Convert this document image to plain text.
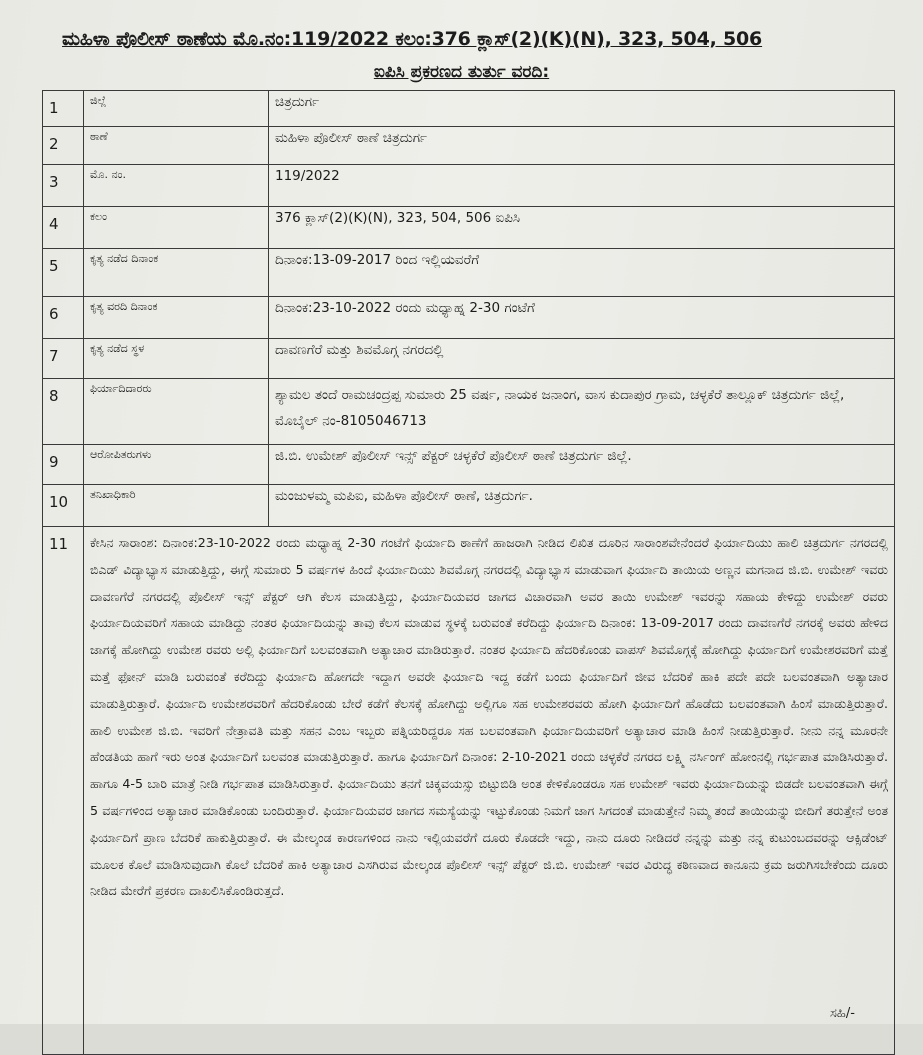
ಮಹಿಳಾ ಪೊಲೀಸ್ ಠಾಣೆಯ ಮೊ.ನಂ:119/2022 ಕಲಂ:376 ಕ್ಲಾಸ್(2)(K)(N), 323, 504, 506
ಐಪಿಸಿ ಪ್ರಕರಣದ ತುರ್ತು ವರದಿ:
1	ಜಿಲ್ಲೆ	ಚಿತ್ರದುರ್ಗ
2	ಠಾಣೆ	ಮಹಿಳಾ ಪೊಲೀಸ್ ಠಾಣೆ ಚಿತ್ರದುರ್ಗ
3	ಮೊ. ನಂ.	119/2022
4	ಕಲಂ	376 ಕ್ಲಾಸ್(2)(K)(N), 323, 504, 506 ಐಪಿಸಿ
5	ಕೃತ್ಯ ನಡೆದ ದಿನಾಂಕ	ದಿನಾಂಕ:13-09-2017 ರಿಂದ ಇಲ್ಲಿಯವರೆಗೆ
6	ಕೃತ್ಯ ವರದಿ ದಿನಾಂಕ	ದಿನಾಂಕ:23-10-2022 ರಂದು ಮಧ್ಯಾಹ್ನ 2-30 ಗಂಟೆಗೆ
7	ಕೃತ್ಯ ನಡೆದ ಸ್ಥಳ	ದಾವಣಗೆರೆ ಮತ್ತು ಶಿವಮೊಗ್ಗ ನಗರದಲ್ಲಿ
8	ಫಿರ್ಯಾದಿದಾರರು	ಶ್ಯಾಮಲ ತಂದೆ ರಾಮಚಂದ್ರಪ್ಪ ಸುಮಾರು 25 ವರ್ಷ, ನಾಯಕ ಜನಾಂಗ, ವಾಸ ಕುದಾಪುರ ಗ್ರಾಮ, ಚಳ್ಳಕೆರೆ ತಾಲ್ಲೂಕ್ ಚಿತ್ರದುರ್ಗ ಜಿಲ್ಲೆ, ಮೊಬೈಲ್ ನಂ-8105046713
9	ಆರೋಪಿತರುಗಳು	ಜಿ.ಬಿ. ಉಮೇಶ್ ಪೊಲೀಸ್ ಇನ್ಸ್ ಪೆಕ್ಟರ್ ಚಳ್ಳಕೆರೆ ಪೊಲೀಸ್ ಠಾಣೆ ಚಿತ್ರದುರ್ಗ ಜಿಲ್ಲೆ.
10	ತನಿಖಾಧಿಕಾರಿ	ಮಂಜುಳಮ್ಮ ಮಪಿಐ, ಮಹಿಳಾ ಪೊಲೀಸ್ ಠಾಣೆ, ಚಿತ್ರದುರ್ಗ.
11	ಕೇಸಿನ ಸಾರಾಂಶ: ದಿನಾಂಕ:23-10-2022 ರಂದು ಮಧ್ಯಾಹ್ನ 2-30 ಗಂಟೆಗೆ ಫಿರ್ಯಾದಿ ಠಾಣೆಗೆ ಹಾಜರಾಗಿ ನೀಡಿದ ಲಿಖಿತ ದೂರಿನ ಸಾರಾಂಶವೇನೆಂದರೆ ಫಿರ್ಯಾದಿಯು ಹಾಲಿ ಚಿತ್ರದುರ್ಗ ನಗರದಲ್ಲಿ ಬಿಎಡ್ ವಿದ್ಯಾಭ್ಯಾಸ ಮಾಡುತ್ತಿದ್ದು, ಈಗ್ಗೆ ಸುಮಾರು 5 ವರ್ಷಗಳ ಹಿಂದೆ ಫಿರ್ಯಾದಿಯು ಶಿವಮೊಗ್ಗ ನಗರದಲ್ಲಿ ವಿದ್ಯಾಭ್ಯಾಸ ಮಾಡುವಾಗ ಫಿರ್ಯಾದಿ ತಾಯಿಯ ಅಣ್ಣನ ಮಗನಾದ ಜಿ.ಬಿ. ಉಮೇಶ್ ಇವರು ದಾವಣಗೆರೆ ನಗರದಲ್ಲಿ ಪೊಲೀಸ್ ಇನ್ಸ್ ಪೆಕ್ಟರ್ ಆಗಿ ಕೆಲಸ ಮಾಡುತ್ತಿದ್ದು, ಫಿರ್ಯಾದಿಯವರ ಜಾಗದ ವಿಚಾರವಾಗಿ ಅವರ ತಾಯಿ ಉಮೇಶ್ ಇವರನ್ನು ಸಹಾಯ ಕೇಳಿದ್ದು ಉಮೇಶ್ ರವರು ಫಿರ್ಯಾದಿಯವರಿಗೆ ಸಹಾಯ ಮಾಡಿದ್ದು ನಂತರ ಫಿರ್ಯಾದಿಯನ್ನು ತಾವು ಕೆಲಸ ಮಾಡುವ ಸ್ಥಳಕ್ಕೆ ಬರುವಂತೆ ಕರೆದಿದ್ದು ಫಿರ್ಯಾದಿ ದಿನಾಂಕ: 13-09-2017 ರಂದು ದಾವಣಗೆರೆ ನಗರಕ್ಕೆ ಅವರು ಹೇಳಿದ ಜಾಗಕ್ಕೆ ಹೋಗಿದ್ದು ಉಮೇಶ ರವರು ಅಲ್ಲಿ ಫಿರ್ಯಾದಿಗೆ ಬಲವಂತವಾಗಿ ಅತ್ಯಾಚಾರ ಮಾಡಿರುತ್ತಾರೆ. ನಂತರ ಫಿರ್ಯಾದಿ ಹೆದರಿಕೊಂಡು ವಾಪಸ್ ಶಿವಮೊಗ್ಗಕ್ಕೆ ಹೋಗಿದ್ದು ಫಿರ್ಯಾದಿಗೆ ಉಮೇಶರವರಿಗೆ ಮತ್ತೆ ಮತ್ತೆ ಫೋನ್ ಮಾಡಿ ಬರುವಂತೆ ಕರೆದಿದ್ದು ಫಿರ್ಯಾದಿ ಹೋಗದೇ ಇದ್ದಾಗ ಅವರೇ ಫಿರ್ಯಾದಿ ಇದ್ದ ಕಡೆಗೆ ಬಂದು ಫಿರ್ಯಾದಿಗೆ ಜೀವ ಬೆದರಿಕೆ ಹಾಕಿ ಪದೇ ಪದೇ ಬಲವಂತವಾಗಿ ಅತ್ಯಾಚಾರ ಮಾಡುತ್ತಿರುತ್ತಾರೆ. ಫಿರ್ಯಾದಿ ಉಮೇಶರವರಿಗೆ ಹೆದರಿಕೊಂಡು ಬೇರೆ ಕಡೆಗೆ ಕೆಲಸಕ್ಕೆ ಹೋಗಿದ್ದು ಅಲ್ಲಿಗೂ ಸಹ ಉಮೇಶರವರು ಹೋಗಿ ಫಿರ್ಯಾದಿಗೆ ಹೊಡೆದು ಬಲವಂತವಾಗಿ ಹಿಂಸೆ ಮಾಡುತ್ತಿರುತ್ತಾರೆ. ಹಾಲಿ ಉಮೇಶ ಜಿ.ಬಿ. ಇವರಿಗೆ ನೇತ್ರಾವತಿ ಮತ್ತು ಸಹನ ಎಂಬ ಇಬ್ಬರು ಪತ್ನಿಯರಿದ್ದರೂ ಸಹ ಬಲವಂತವಾಗಿ ಫಿರ್ಯಾದಿಯವರಿಗೆ ಅತ್ಯಾಚಾರ ಮಾಡಿ ಹಿಂಸೆ ನೀಡುತ್ತಿರುತ್ತಾರೆ. ನೀನು ನನ್ನ ಮೂರನೇ ಹೆಂಡತಿಯ ಹಾಗೆ ಇರು ಅಂತ ಫಿರ್ಯಾದಿಗೆ ಬಲವಂತ ಮಾಡುತ್ತಿರುತ್ತಾರೆ. ಹಾಗೂ ಫಿರ್ಯಾದಿಗೆ ದಿನಾಂಕ: 2-10-2021 ರಂದು ಚಳ್ಳಕೆರೆ ನಗರದ ಲಕ್ಷ್ಮಿ ನರ್ಸಿಂಗ್ ಹೋಂನಲ್ಲಿ ಗರ್ಭಪಾತ ಮಾಡಿಸಿರುತ್ತಾರೆ. ಹಾಗೂ 4-5 ಬಾರಿ ಮಾತ್ರೆ ನೀಡಿ ಗರ್ಭಪಾತ ಮಾಡಿಸಿರುತ್ತಾರೆ. ಫಿರ್ಯಾದಿಯು ತನಗೆ ಚಿಕ್ಕವಯಸ್ಸು ಬಿಟ್ಟುಬಿಡಿ ಅಂತ ಕೇಳಿಕೊಂಡರೂ ಸಹ ಉಮೇಶ್ ಇವರು ಫಿರ್ಯಾದಿಯನ್ನು ಬಿಡದೇ ಬಲವಂತವಾಗಿ ಈಗ್ಗೆ 5 ವರ್ಷಗಳಿಂದ ಅತ್ಯಾಚಾರ ಮಾಡಿಕೊಂಡು ಬಂದಿರುತ್ತಾರೆ. ಫಿರ್ಯಾದಿಯವರ ಜಾಗದ ಸಮಸ್ಯೆಯನ್ನು ಇಟ್ಟುಕೊಂಡು ನಿಮಗೆ ಜಾಗ ಸಿಗದಂತೆ ಮಾಡುತ್ತೇನೆ ನಿಮ್ಮ ತಂದೆ ತಾಯಿಯನ್ನು ಬೀದಿಗೆ ತರುತ್ತೇನೆ ಅಂತ ಫಿರ್ಯಾದಿಗೆ ಪ್ರಾಣ ಬೆದರಿಕೆ ಹಾಕುತ್ತಿರುತ್ತಾರೆ. ಈ ಮೇಲ್ಕಂಡ ಕಾರಣಗಳಿಂದ ನಾನು ಇಲ್ಲಿಯವರೆಗೆ ದೂರು ಕೊಡದೇ ಇದ್ದು, ನಾನು ದೂರು ನೀಡಿದರೆ ನನ್ನನ್ನು ಮತ್ತು ನನ್ನ ಕುಟುಂಬದವರನ್ನು ಆಕ್ಸಿಡೆಂಟ್ ಮೂಲಕ ಕೊಲೆ ಮಾಡಿಸುವುದಾಗಿ ಕೊಲೆ ಬೆದರಿಕೆ ಹಾಕಿ ಅತ್ಯಾಚಾರ ಎಸಗಿರುವ ಮೇಲ್ಕಂಡ ಪೊಲೀಸ್ ಇನ್ಸ್ ಪೆಕ್ಟರ್ ಜಿ.ಬಿ. ಉಮೇಶ್ ಇವರ ವಿರುದ್ಧ ಕಠಿಣವಾದ ಕಾನೂನು ಕ್ರಮ ಜರುಗಿಸಬೇಕೆಂದು ದೂರು ನೀಡಿದ ಮೇರೆಗೆ ಪ್ರಕರಣ ದಾಖಲಿಸಿಕೊಂಡಿರುತ್ತದೆ.	
ಸಹಿ/-
